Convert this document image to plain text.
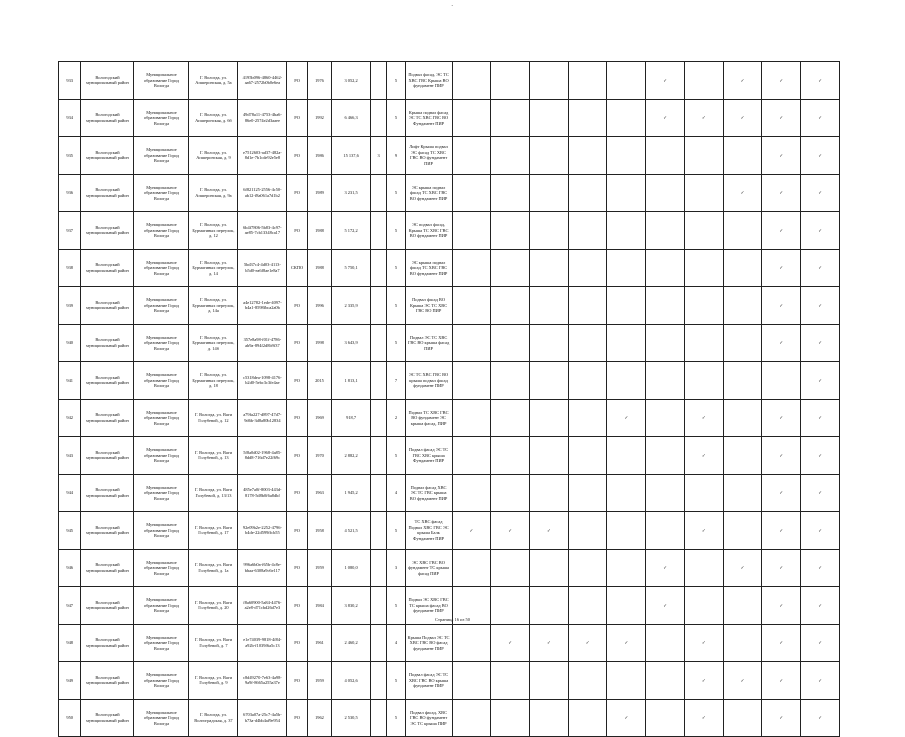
·
933	Вологодский муниципальный район	Муниципальное образование Город Вологда	Г. Вологда, ул. Апшеронская, д. 5а	4195b096-4860-4462-aa67-2572b0b0e6ea	РО	1976	3 052,2		5	Подвал фасад, ЭС ТС ХВС ГВС Крыша ВО фундамент ПИР						✓		✓	✓	✓
934	Вологодский муниципальный район	Муниципальное образование Город Вологда	Г. Вологда, ул. Апшеронская, д. 6б	49d78a11-4753-4ba6-86e0-2574e2d3aaee	РО	1992	6 466,3		5	Крыша подвал фасад ЭС ТС ХВС ГВС ВО Фундамент ПИР						✓	✓	✓	✓	✓
935	Вологодский муниципальный район	Муниципальное образование Город Вологда	Г. Вологда, ул. Апшеронская, д. 9	e7512603-ad37-482a-8d1e-7b1cde92e5e8	РО	1986	15 137,6	3	9	Лифт Крыша подвал ЭС фасад ТС ХВС ГВС ВО фундамент ПИР									✓	✓
936	Вологодский муниципальный район	Муниципальное образование Город Вологда	Г. Вологда, ул. Апшеронская, д. 9а	6f821125-2556-4c50-ab12-f8a061a7d1b2	РО	1989	3 231,5		5	ЭС крыша подвал фасад ТС ХВС ГВС ВО фундамент ПИР								✓	✓	✓
937	Вологодский муниципальный район	Муниципальное образование Город Вологда	Г. Вологда, ул. Бурмагиных переулок, д. 12	6b4f7806-5b83-4c97-ae85-7cb13348ca17	РО	1988	5 172,2		5	ЭС подвал фасад, Крыша ТС ХВС ГВС ВО фундамент ПИР									✓	✓
938	Вологодский муниципальный район	Муниципальное образование Город Вологда	Г. Вологда, ул. Бурмагиных переулок, д. 14	5bd37c4-4d03-4113-b5d0-ea6f8ae1e8a7	СКПО	1988	5 750,1		5	ЭС крыша подвал фасад ТС ХВС ГВС ВО фундамент ПИР									✓	✓
939	Вологодский муниципальный район	Муниципальное образование Город Вологда	Г. Вологда, ул. Бурмагиных переулок, д. 14а	a4e12782-1ede-4097-b4a1-8598fbca2a0b	РО	1996	2 335,9		5	Подвал фасад ВО Крыша ЭС ТС ХВС ГВС ВО ПИР									✓	✓
940	Вологодский муниципальный район	Муниципальное образование Город Вологда	Г. Вологда, ул. Бурмагиных переулок, д. 14б	357e8a98-f01f-4786-ab9a-894f2d8b9f37	РО	1998	3 643,9		5	Подвал ЭС ТС ХВС ГВС ВО крыша фасад ПИР									✓	✓
941	Вологодский муниципальный район	Муниципальное образование Город Вологда	Г. Вологда, ул. Бурмагиных переулок, д. 18	c5318dea-1098-4176-b2d0-5ebc3c3fe4ae	РО	2015	1 813,1		7	ЭС ТС ХВС ГВС ВО крыша подвал фасад фундамент ПИР										✓
942	Вологодский муниципальный район	Муниципальное образование Город Вологда	Г. Вологда, ул. Ваги Голубевой, д. 12	a79fa227-d897-47d7-9d6b-3d8a80b12834	РО	1969	918,7		2	Подвал ТС ХВС ГВС ВО фундамент ЭС крыша фасад, ПИР					✓		✓		✓	✓
943	Вологодский муниципальный район	Муниципальное образование Город Вологда	Г. Вологда, ул. Ваги Голубевой, д. 13	5f8a0d02-1968-4a85-8dd8-716d7e22f69c	РО	1970	2 882,2		5	Подвал фасад ЭС ТС ГВС ХВС крыша Фундамент ПИР							✓		✓	✓
944	Вологодский муниципальный район	Муниципальное образование Город Вологда	Г. Вологда, ул. Ваги Голубевой, д. 13/13	485e7a0f-8003-443d-8178-5d8b0f6a8dbf	РО	1963	1 945,2		4	Подвал фасад ХВС ЭС ТС ГВС крыша ВО фундамент ПИР									✓	✓
945	Вологодский муниципальный район	Муниципальное образование Город Вологда	Г. Вологда, ул. Ваги Голубевой, д. 17	92e09b2e-2252-4796-b4de-22d599ffcb55	РО	1958	4 521,5		5	ТС ХВС фасад Подвал ХВС ГВС ЭС крыша Балк Фундамент ПИР	✓	✓	✓				✓		✓	✓
946	Вологодский муниципальный район	Муниципальное образование Город Вологда	Г. Вологда, ул. Ваги Голубевой, д. 1а	996a6b0a-f65b-4c8e-bbaa-6308a9c6e117	РО	1959	1 080,0		3	ЭС ХВС ГВС ВО фундамент ТС крыша фасад ПИР						✓		✓	✓	✓
947	Вологодский муниципальный район	Муниципальное образование Город Вологда	Г. Вологда, ул. Ваги Голубевой, д. 20	f8a60900-5a84-4476-a2e8-d71cbd26d7e3	РО	1984	3 830,2		5	Подвал ЭС ХВС ГВС ТС крыша фасад ВО фундамент ПИР						✓			✓	✓
948	Вологодский муниципальный район	Муниципальное образование Город Вологда	Г. Вологда, ул. Ваги Голубевой, д. 7	e1e74039-9818-4f84-a92b-f1039f6a5c13	РО	1961	2 460,2		4	Крыша Подвал ЭС ТС ХВС ГВС ВО фасад фундамент ПИР		✓	✓	✓	✓		✓		✓	✓
949	Вологодский муниципальный район	Муниципальное образование Город Вологда	Г. Вологда, ул. Ваги Голубевой, д. 9	c8d49270-7e63-4a98-9a9f-8665a255a37e	РО	1959	4 052,6		5	Подвал фасад ЭС ТС ХВС ГВС ВО крыша фундамент ПИР							✓	✓	✓	✓
950	Вологодский муниципальный район	Муниципальное образование Город Вологда	Г. Вологда, ул. Волгоградская, д. 37	6703a07a-25c7-4a5b-b73a-d4bb4af9e954	РО	1962	2 530,5		5	Подвал фасад, ХВС ГВС ВО фундамент ЭС ТС крыша ПИР					✓		✓		✓	✓
Страница 16 из 50
